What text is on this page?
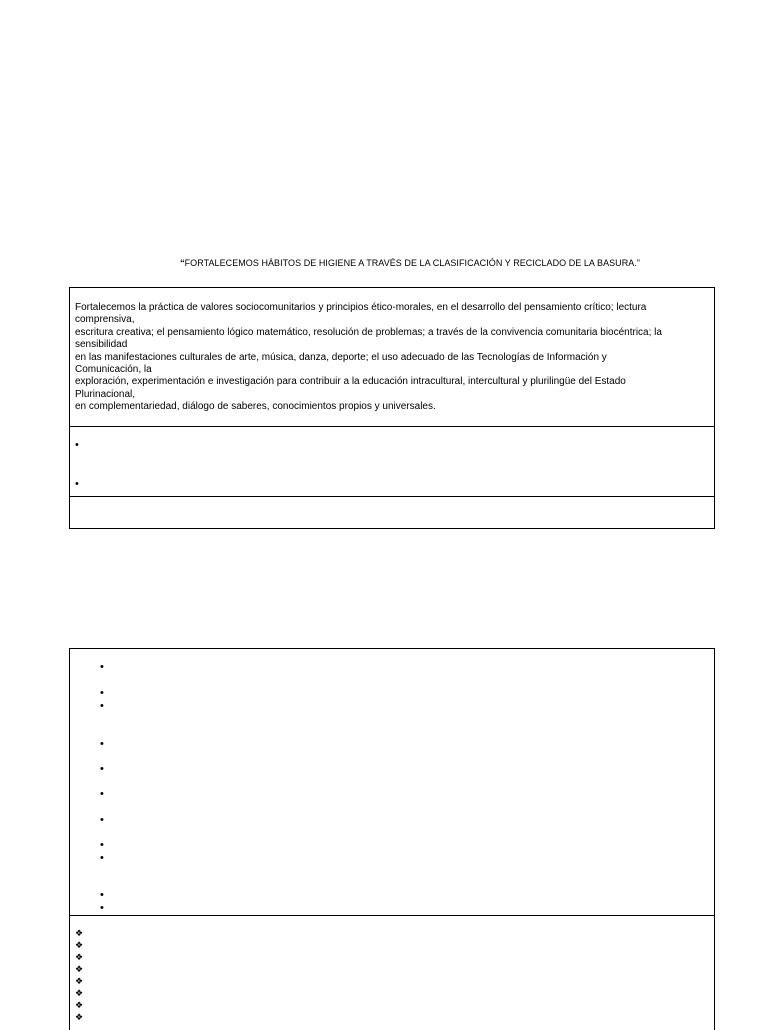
“FORTALECEMOS HÁBITOS DE HIGIENE A TRAVÉS DE LA CLASIFICACIÓN Y RECICLADO DE LA BASURA.”
Fortalecemos la práctica de valores sociocomunitarios y principios ético-morales, en el desarrollo del pensamiento crítico; lectura
comprensiva,
escritura creativa; el pensamiento lógico matemático, resolución de problemas; a través de la convivencia comunitaria biocéntrica; la
sensibilidad
en las manifestaciones culturales de arte, música, danza, deporte; el uso adecuado de las Tecnologías de Información y
Comunicación, la
exploración, experimentación e investigación para contribuir a la educación intracultural, intercultural y plurilingüe del Estado
Plurinacional,
en complementariedad, diálogo de saberes, conocimientos propios y universales.
•
•
•
•
•
•
•
•
•
•
•
•
•
❖
❖
❖
❖
❖
❖
❖
❖
